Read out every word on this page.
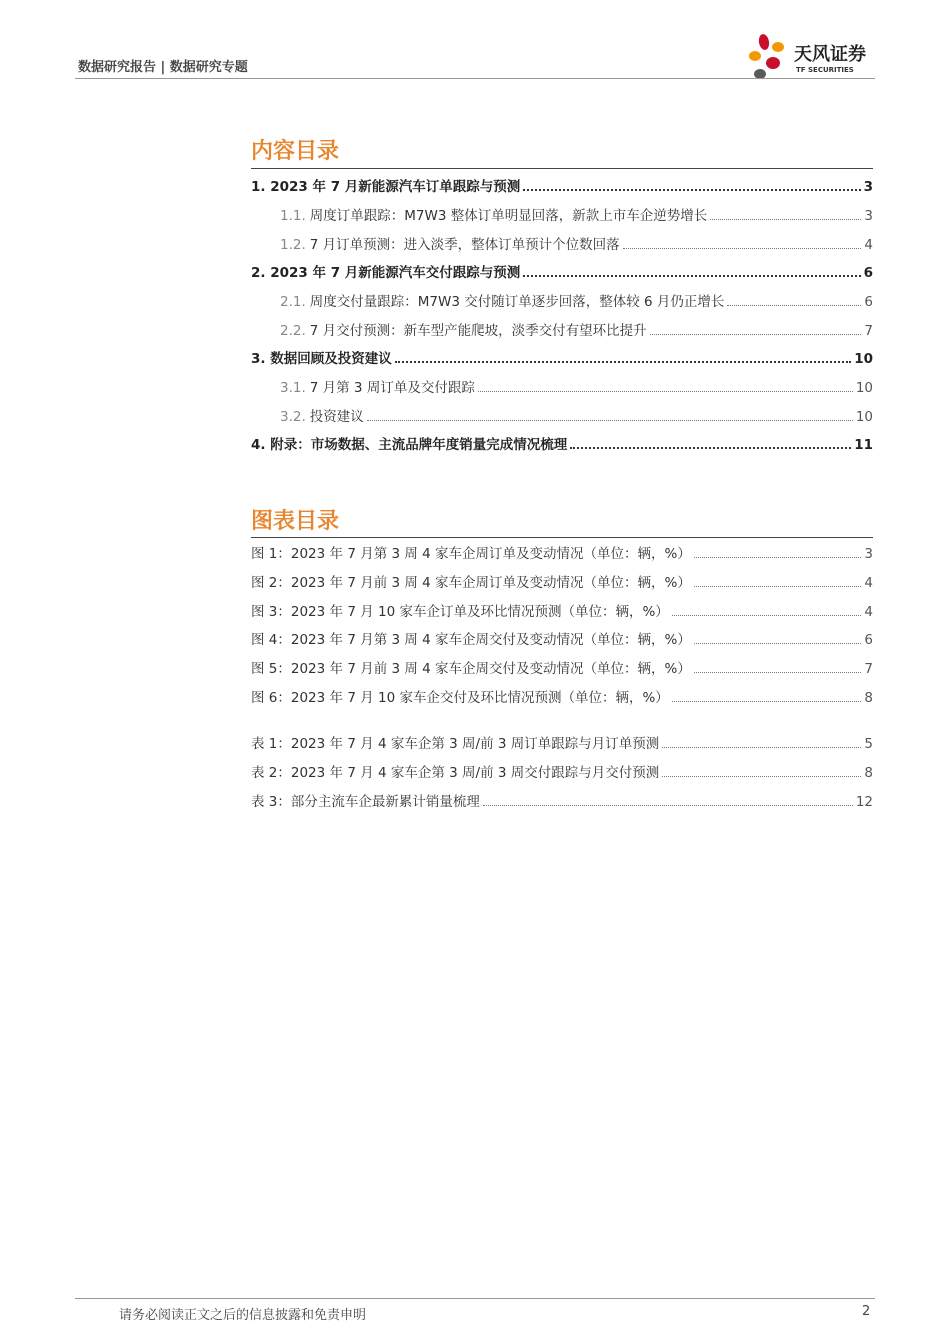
数据研究报告 | 数据研究专题
天风证券
TF SECURITIES
内容目录
1. 2023 年 7 月新能源汽车订单跟踪与预测	3
1.1. 周度订单跟踪：M7W3 整体订单明显回落，新款上市车企逆势增长	3
1.2. 7 月订单预测：进入淡季，整体订单预计个位数回落	4
2. 2023 年 7 月新能源汽车交付跟踪与预测	6
2.1. 周度交付量跟踪：M7W3 交付随订单逐步回落，整体较 6 月仍正增长	6
2.2. 7 月交付预测：新车型产能爬坡，淡季交付有望环比提升	7
3. 数据回顾及投资建议	10
3.1. 7 月第 3 周订单及交付跟踪	10
3.2. 投资建议	10
4. 附录：市场数据、主流品牌年度销量完成情况梳理	11
图表目录
图 1：2023 年 7 月第 3 周 4 家车企周订单及变动情况（单位：辆，%）	3
图 2：2023 年 7 月前 3 周 4 家车企周订单及变动情况（单位：辆，%）	4
图 3：2023 年 7 月 10 家车企订单及环比情况预测（单位：辆，%）	4
图 4：2023 年 7 月第 3 周 4 家车企周交付及变动情况（单位：辆，%）	6
图 5：2023 年 7 月前 3 周 4 家车企周交付及变动情况（单位：辆，%）	7
图 6：2023 年 7 月 10 家车企交付及环比情况预测（单位：辆，%）	8
表 1：2023 年 7 月 4 家车企第 3 周/前 3 周订单跟踪与月订单预测	5
表 2：2023 年 7 月 4 家车企第 3 周/前 3 周交付跟踪与月交付预测	8
表 3：部分主流车企最新累计销量梳理	12
请务必阅读正文之后的信息披露和免责申明	2
